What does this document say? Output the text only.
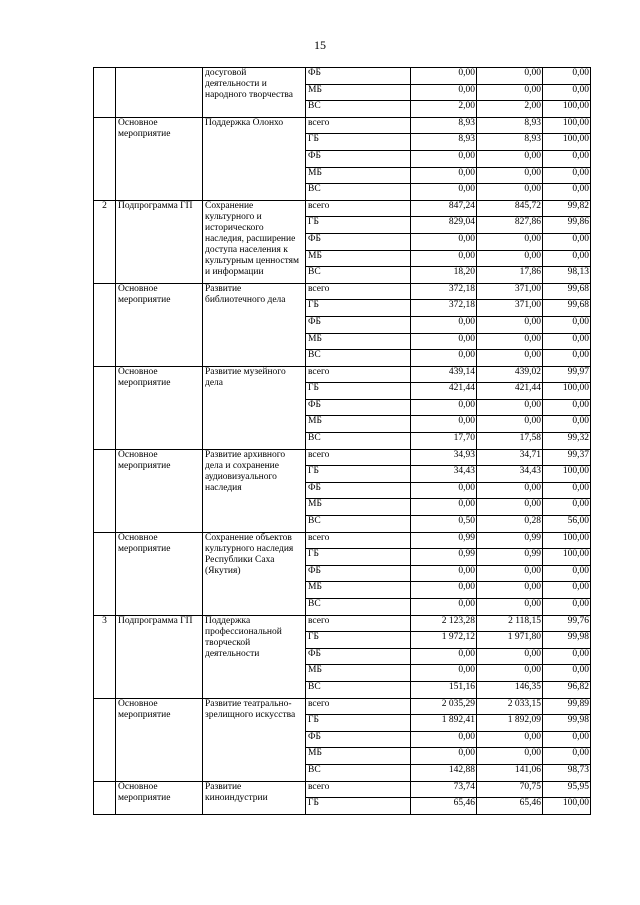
15
		досуговой деятельности и народного творчества	ФБ	0,00	0,00	0,00
			МБ	0,00	0,00	0,00
			ВС	2,00	2,00	100,00
	Основное мероприятие	Поддержка Олонхо	всего	8,93	8,93	100,00
			ГБ	8,93	8,93	100,00
			ФБ	0,00	0,00	0,00
			МБ	0,00	0,00	0,00
			ВС	0,00	0,00	0,00
2	Подпрограмма ГП	Сохранение культурного и исторического наследия, расширение доступа населения к культурным ценностям и информации	всего	847,24	845,72	99,82
			ГБ	829,04	827,86	99,86
			ФБ	0,00	0,00	0,00
			МБ	0,00	0,00	0,00
			ВС	18,20	17,86	98,13
	Основное мероприятие	Развитие библиотечного дела	всего	372,18	371,00	99,68
			ГБ	372,18	371,00	99,68
			ФБ	0,00	0,00	0,00
			МБ	0,00	0,00	0,00
			ВС	0,00	0,00	0,00
	Основное мероприятие	Развитие музейного дела	всего	439,14	439,02	99,97
			ГБ	421,44	421,44	100,00
			ФБ	0,00	0,00	0,00
			МБ	0,00	0,00	0,00
			ВС	17,70	17,58	99,32
	Основное мероприятие	Развитие архивного дела и сохранение аудиовизуального наследия	всего	34,93	34,71	99,37
			ГБ	34,43	34,43	100,00
			ФБ	0,00	0,00	0,00
			МБ	0,00	0,00	0,00
			ВС	0,50	0,28	56,00
	Основное мероприятие	Сохранение объектов культурного наследия Республики Саха (Якутия)	всего	0,99	0,99	100,00
			ГБ	0,99	0,99	100,00
			ФБ	0,00	0,00	0,00
			МБ	0,00	0,00	0,00
			ВС	0,00	0,00	0,00
3	Подпрограмма ГП	Поддержка профессиональной творческой деятельности	всего	2 123,28	2 118,15	99,76
			ГБ	1 972,12	1 971,80	99,98
			ФБ	0,00	0,00	0,00
			МБ	0,00	0,00	0,00
			ВС	151,16	146,35	96,82
	Основное мероприятие	Развитие театрально-зрелищного искусства	всего	2 035,29	2 033,15	99,89
			ГБ	1 892,41	1 892,09	99,98
			ФБ	0,00	0,00	0,00
			МБ	0,00	0,00	0,00
			ВС	142,88	141,06	98,73
	Основное мероприятие	Развитие киноиндустрии	всего	73,74	70,75	95,95
			ГБ	65,46	65,46	100,00
